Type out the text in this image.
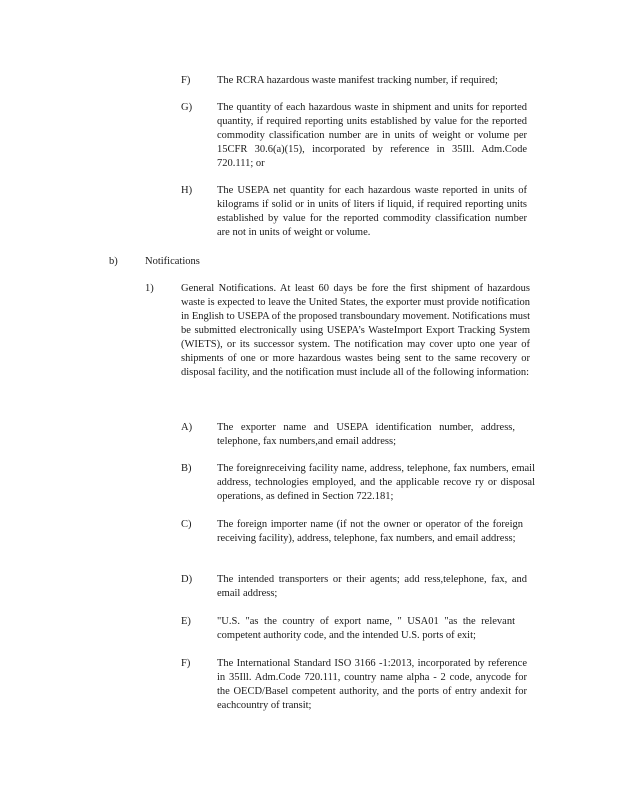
F)	The RCRA hazardous waste manifest tracking number, if required;
G) The quantity of each hazardous waste in shipment and units for reported quantity, if required reporting units established by value for the reported commodity classification number are in units of weight or volume per 15CFR 30.6(a)(15), incorporated by reference in 35Ill. Adm.Code 720.111; or
H) The USEPA net quantity for each hazardous waste reported in units of kilograms if solid or in units of liters if liquid, if required reporting units established by value for the reported commodity classification number are not in units of weight or volume.
b)	Notifications
1)	General Notifications. At least 60 days be fore the first shipment of hazardous waste is expected to leave the United States, the exporter must provide notification in English to USEPA of the proposed transboundary movement. Notifications must be submitted electronically using USEPA’s WasteImport Export Tracking System (WIETS), or its successor system. The notification may cover upto one year of shipments of one or more hazardous wastes being sent to the same recovery or disposal facility, and the notification must include all of the following information:
A) The exporter name and USEPA identification number, address, telephone, fax numbers,and email address;
B) The foreignreceiving facility name, address, telephone, fax numbers, email address, technologies employed, and the applicable recove ry or disposal operations, as defined in Section 722.181;
C) The foreign importer name (if not the owner or operator of the foreign receiving facility), address, telephone, fax numbers, and email address;
D) The intended transporters or their agents; add ress,telephone, fax, and email address;
E) "U.S. "as the country of export name, " USA01 "as the relevant competent authority code, and the intended U.S. ports of exit;
F)	The International Standard ISO 3166 -1:2013, incorporated by reference in 35Ill. Adm.Code 720.111, country name alpha - 2 code, anycode for the OECD/Basel competent authority, and the ports of entry andexit for eachcountry of transit;
